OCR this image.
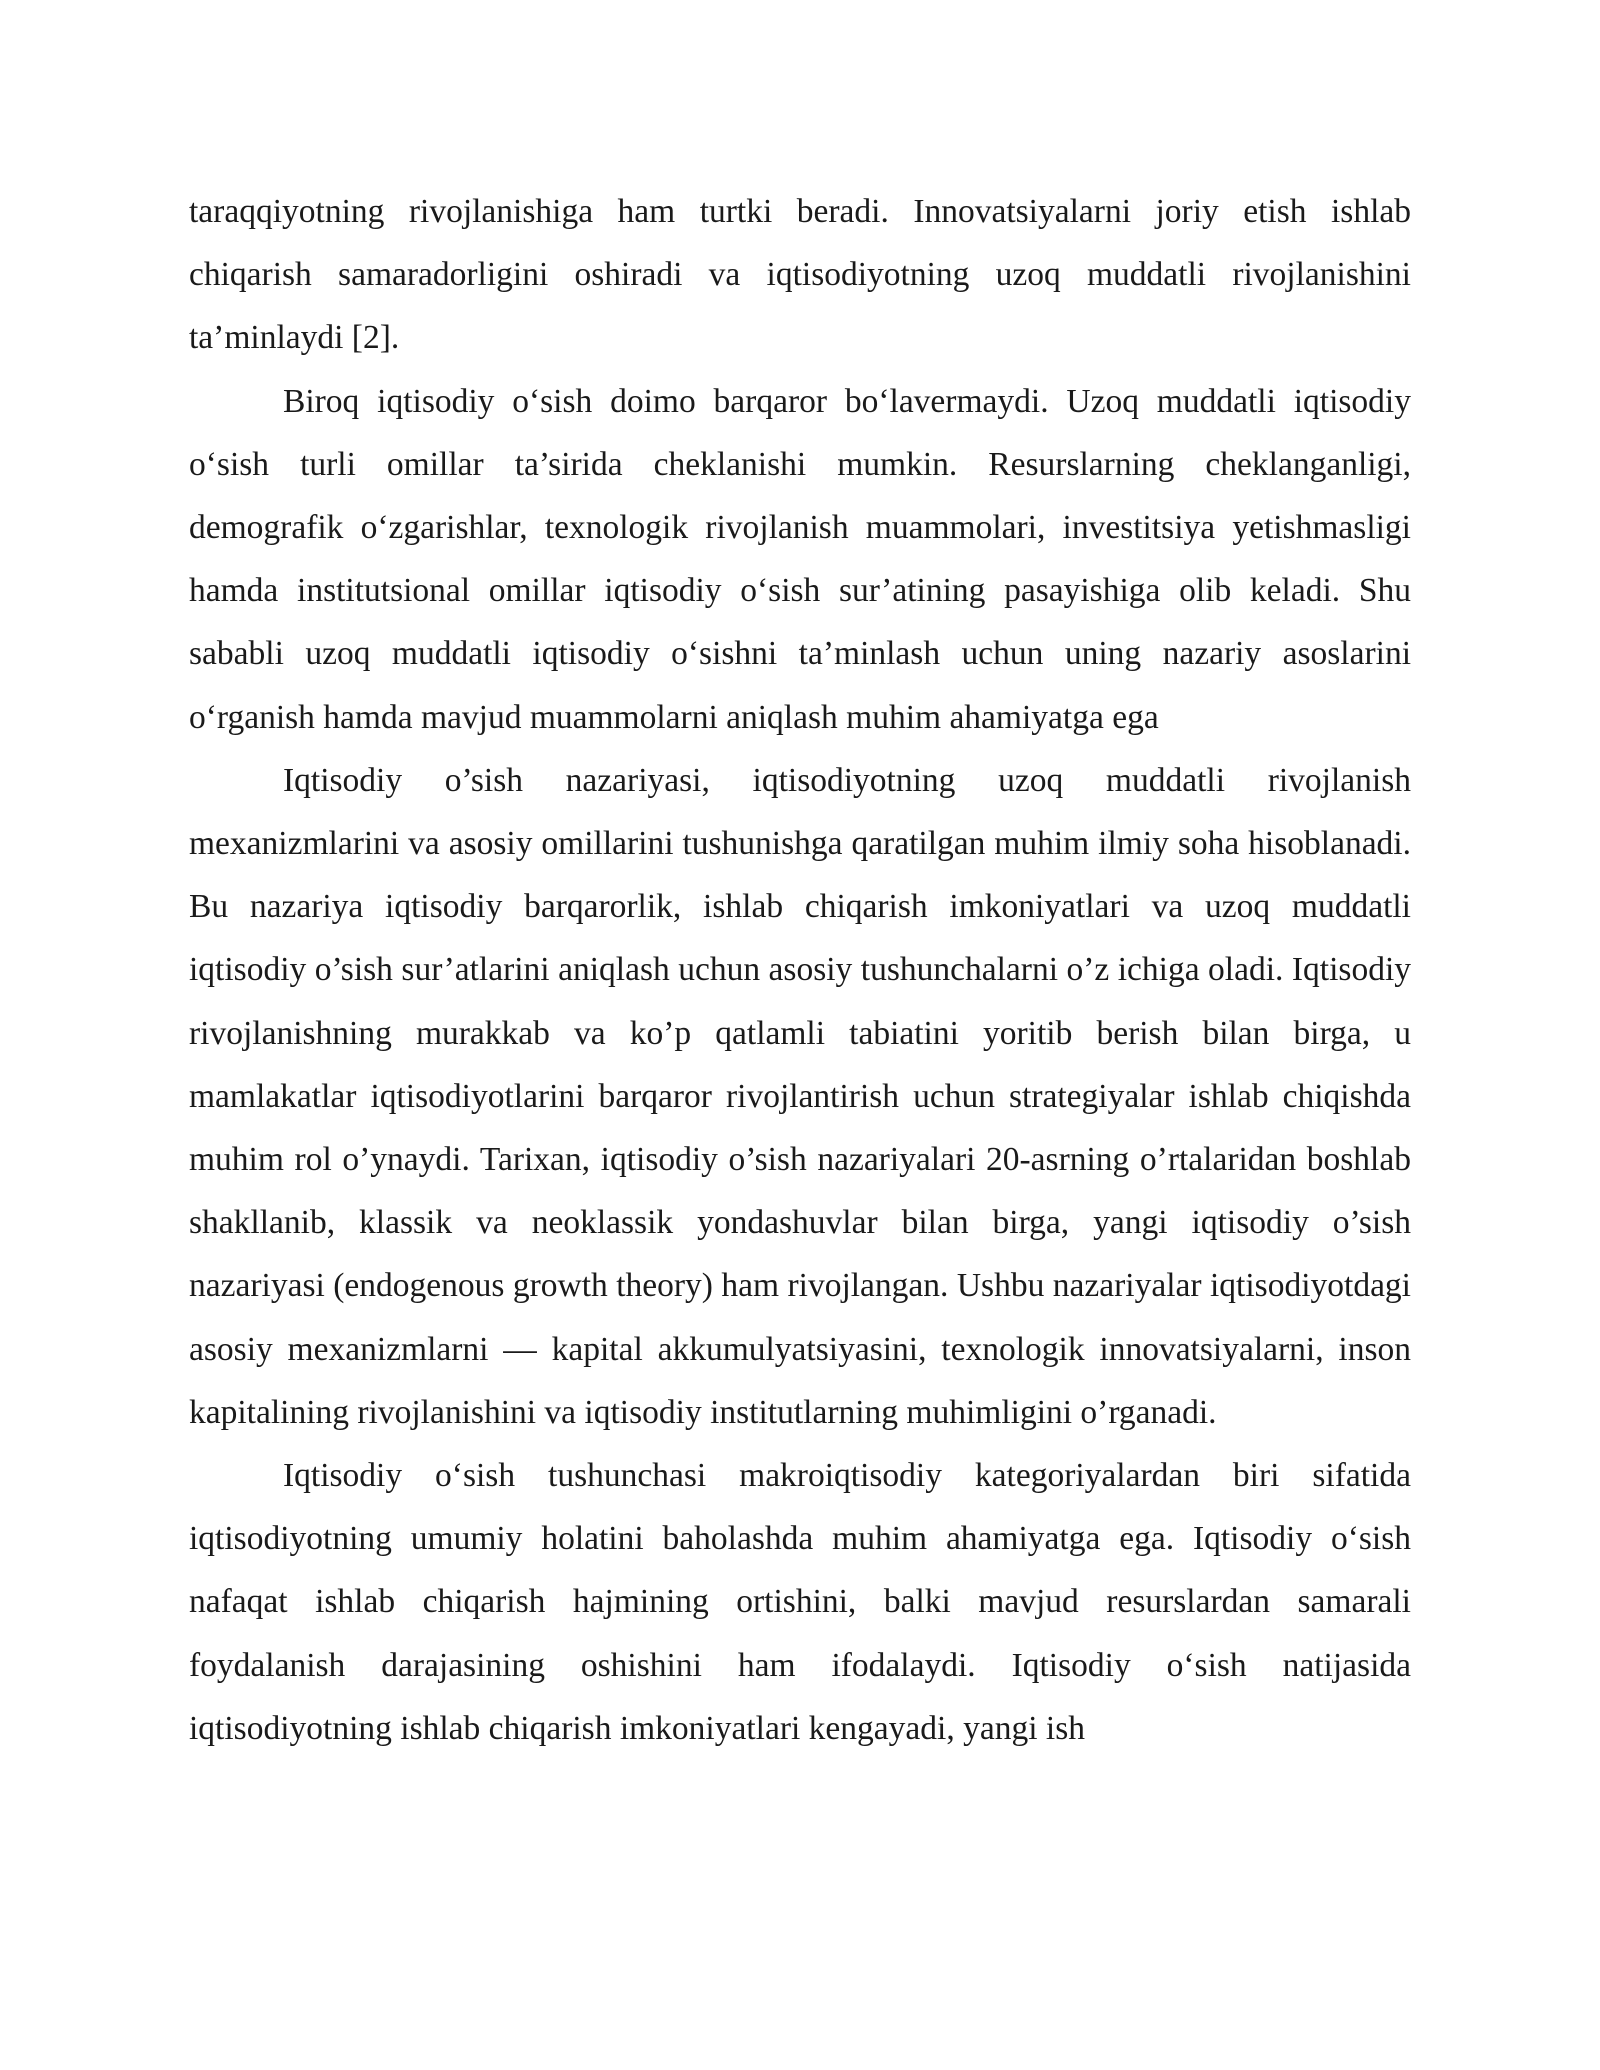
taraqqiyotning rivojlanishiga ham turtki beradi. Innovatsiyalarni joriy etish ishlab chiqarish samaradorligini oshiradi va iqtisodiyotning uzoq muddatli rivojlanishini ta’minlaydi [2].

Biroq iqtisodiy o‘sish doimo barqaror bo‘lavermaydi. Uzoq muddatli iqtisodiy o‘sish turli omillar ta’sirida cheklanishi mumkin. Resurslarning cheklanganligi, demografik o‘zgarishlar, texnologik rivojlanish muammolari, investitsiya yetishmasligi hamda institutsional omillar iqtisodiy o‘sish sur’atining pasayishiga olib keladi. Shu sababli uzoq muddatli iqtisodiy o‘sishni ta’minlash uchun uning nazariy asoslarini o‘rganish hamda mavjud muammolarni aniqlash muhim ahamiyatga ega

Iqtisodiy o’sish nazariyasi, iqtisodiyotning uzoq muddatli rivojlanish mexanizmlarini va asosiy omillarini tushunishga qaratilgan muhim ilmiy soha hisoblanadi. Bu nazariya iqtisodiy barqarorlik, ishlab chiqarish imkoniyatlari va uzoq muddatli iqtisodiy o’sish sur’atlarini aniqlash uchun asosiy tushunchalarni o’z ichiga oladi. Iqtisodiy rivojlanishning murakkab va ko’p qatlamli tabiatini yoritib berish bilan birga, u mamlakatlar iqtisodiyotlarini barqaror rivojlantirish uchun strategiyalar ishlab chiqishda muhim rol o’ynaydi. Tarixan, iqtisodiy o’sish nazariyalari 20-asrning o’rtalaridan boshlab shakllanib, klassik va neoklassik yondashuvlar bilan birga, yangi iqtisodiy o’sish nazariyasi (endogenous growth theory) ham rivojlangan. Ushbu nazariyalar iqtisodiyotdagi asosiy mexanizmlarni — kapital akkumulyatsiyasini, texnologik innovatsiyalarni, inson kapitalining rivojlanishini va iqtisodiy institutlarning muhimligini o’rganadi.

Iqtisodiy o‘sish tushunchasi makroiqtisodiy kategoriyalardan biri sifatida iqtisodiyotning umumiy holatini baholashda muhim ahamiyatga ega. Iqtisodiy o‘sish nafaqat ishlab chiqarish hajmining ortishini, balki mavjud resurslardan samarali foydalanish darajasining oshishini ham ifodalaydi. Iqtisodiy o‘sish natijasida iqtisodiyotning ishlab chiqarish imkoniyatlari kengayadi, yangi ish
